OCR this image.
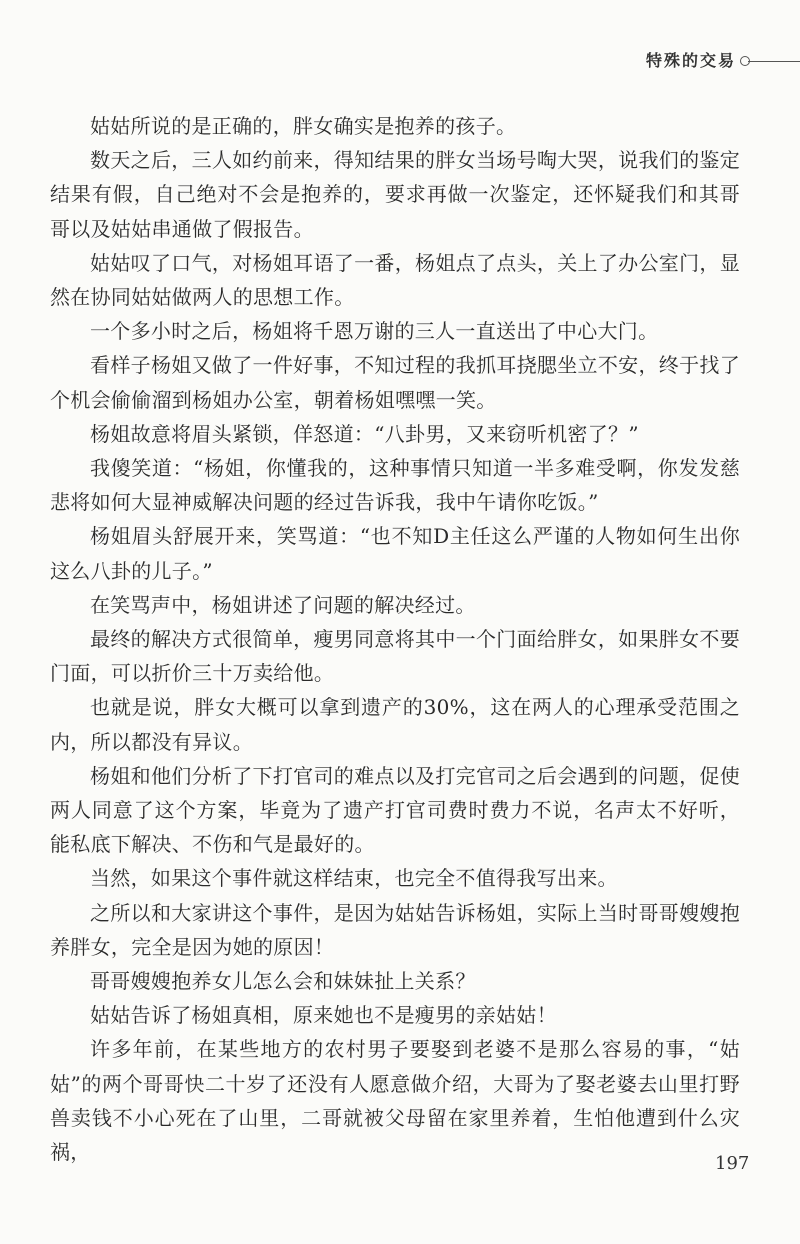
特殊的交易

姑姑所说的是正确的，胖女确实是抱养的孩子。

数天之后，三人如约前来，得知结果的胖女当场号啕大哭，说我们的鉴定结果有假，自己绝对不会是抱养的，要求再做一次鉴定，还怀疑我们和其哥哥以及姑姑串通做了假报告。

姑姑叹了口气，对杨姐耳语了一番，杨姐点了点头，关上了办公室门，显然在协同姑姑做两人的思想工作。

一个多小时之后，杨姐将千恩万谢的三人一直送出了中心大门。

看样子杨姐又做了一件好事，不知过程的我抓耳挠腮坐立不安，终于找了个机会偷偷溜到杨姐办公室，朝着杨姐嘿嘿一笑。

杨姐故意将眉头紧锁，佯怒道：“八卦男，又来窃听机密了？”

我傻笑道：“杨姐，你懂我的，这种事情只知道一半多难受啊，你发发慈悲将如何大显神威解决问题的经过告诉我，我中午请你吃饭。”

杨姐眉头舒展开来，笑骂道：“也不知D主任这么严谨的人物如何生出你这么八卦的儿子。”

在笑骂声中，杨姐讲述了问题的解决经过。

最终的解决方式很简单，瘦男同意将其中一个门面给胖女，如果胖女不要门面，可以折价三十万卖给他。

也就是说，胖女大概可以拿到遗产的30%，这在两人的心理承受范围之内，所以都没有异议。

杨姐和他们分析了下打官司的难点以及打完官司之后会遇到的问题，促使两人同意了这个方案，毕竟为了遗产打官司费时费力不说，名声太不好听，能私底下解决、不伤和气是最好的。

当然，如果这个事件就这样结束，也完全不值得我写出来。

之所以和大家讲这个事件，是因为姑姑告诉杨姐，实际上当时哥哥嫂嫂抱养胖女，完全是因为她的原因！

哥哥嫂嫂抱养女儿怎么会和妹妹扯上关系？

姑姑告诉了杨姐真相，原来她也不是瘦男的亲姑姑！

许多年前，在某些地方的农村男子要娶到老婆不是那么容易的事，“姑姑”的两个哥哥快二十岁了还没有人愿意做介绍，大哥为了娶老婆去山里打野兽卖钱不小心死在了山里，二哥就被父母留在家里养着，生怕他遭到什么灾祸，	197
